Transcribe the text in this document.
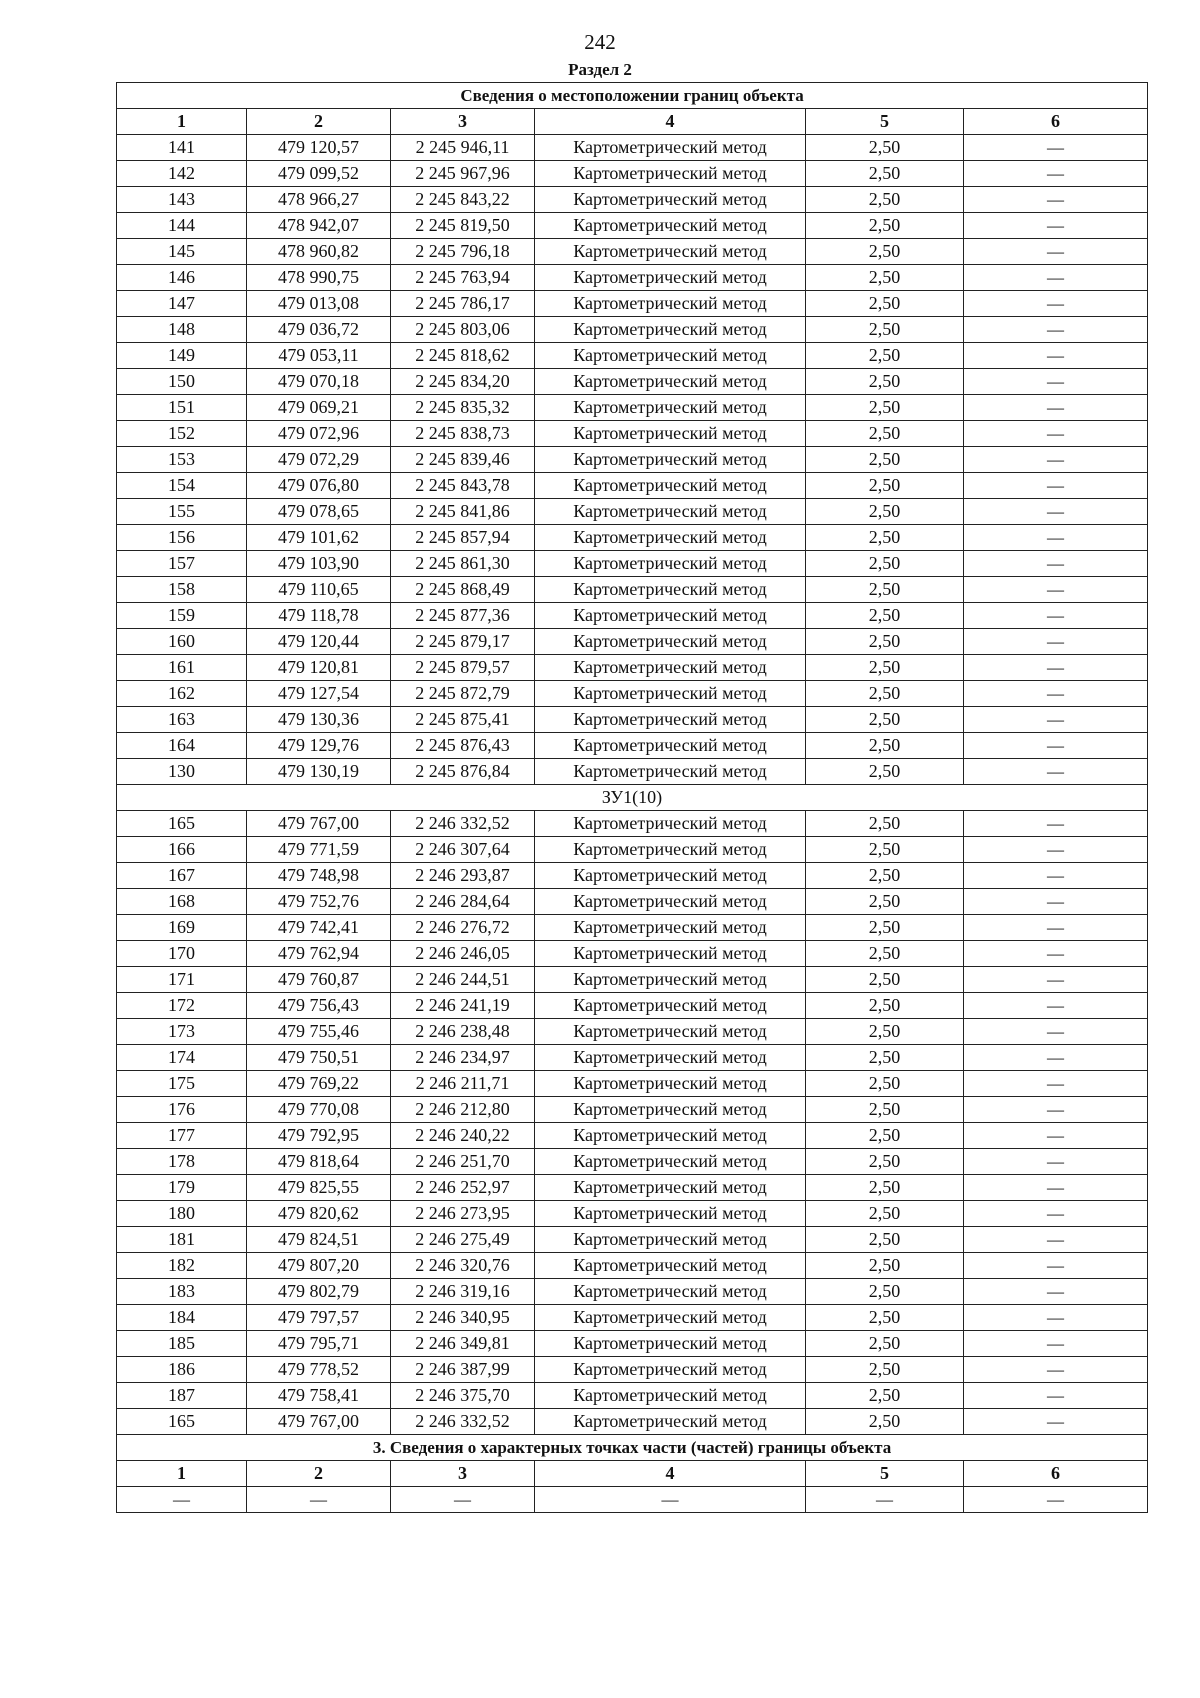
242
Раздел 2
Сведения о местоположении границ объекта					
1	2	3	4	5	6
141	479 120,57	2 245 946,11	Картометрический метод	2,50	—
142	479 099,52	2 245 967,96	Картометрический метод	2,50	—
143	478 966,27	2 245 843,22	Картометрический метод	2,50	—
144	478 942,07	2 245 819,50	Картометрический метод	2,50	—
145	478 960,82	2 245 796,18	Картометрический метод	2,50	—
146	478 990,75	2 245 763,94	Картометрический метод	2,50	—
147	479 013,08	2 245 786,17	Картометрический метод	2,50	—
148	479 036,72	2 245 803,06	Картометрический метод	2,50	—
149	479 053,11	2 245 818,62	Картометрический метод	2,50	—
150	479 070,18	2 245 834,20	Картометрический метод	2,50	—
151	479 069,21	2 245 835,32	Картометрический метод	2,50	—
152	479 072,96	2 245 838,73	Картометрический метод	2,50	—
153	479 072,29	2 245 839,46	Картометрический метод	2,50	—
154	479 076,80	2 245 843,78	Картометрический метод	2,50	—
155	479 078,65	2 245 841,86	Картометрический метод	2,50	—
156	479 101,62	2 245 857,94	Картометрический метод	2,50	—
157	479 103,90	2 245 861,30	Картометрический метод	2,50	—
158	479 110,65	2 245 868,49	Картометрический метод	2,50	—
159	479 118,78	2 245 877,36	Картометрический метод	2,50	—
160	479 120,44	2 245 879,17	Картометрический метод	2,50	—
161	479 120,81	2 245 879,57	Картометрический метод	2,50	—
162	479 127,54	2 245 872,79	Картометрический метод	2,50	—
163	479 130,36	2 245 875,41	Картометрический метод	2,50	—
164	479 129,76	2 245 876,43	Картометрический метод	2,50	—
130	479 130,19	2 245 876,84	Картометрический метод	2,50	—
ЗУ1(10)					
165	479 767,00	2 246 332,52	Картометрический метод	2,50	—
166	479 771,59	2 246 307,64	Картометрический метод	2,50	—
167	479 748,98	2 246 293,87	Картометрический метод	2,50	—
168	479 752,76	2 246 284,64	Картометрический метод	2,50	—
169	479 742,41	2 246 276,72	Картометрический метод	2,50	—
170	479 762,94	2 246 246,05	Картометрический метод	2,50	—
171	479 760,87	2 246 244,51	Картометрический метод	2,50	—
172	479 756,43	2 246 241,19	Картометрический метод	2,50	—
173	479 755,46	2 246 238,48	Картометрический метод	2,50	—
174	479 750,51	2 246 234,97	Картометрический метод	2,50	—
175	479 769,22	2 246 211,71	Картометрический метод	2,50	—
176	479 770,08	2 246 212,80	Картометрический метод	2,50	—
177	479 792,95	2 246 240,22	Картометрический метод	2,50	—
178	479 818,64	2 246 251,70	Картометрический метод	2,50	—
179	479 825,55	2 246 252,97	Картометрический метод	2,50	—
180	479 820,62	2 246 273,95	Картометрический метод	2,50	—
181	479 824,51	2 246 275,49	Картометрический метод	2,50	—
182	479 807,20	2 246 320,76	Картометрический метод	2,50	—
183	479 802,79	2 246 319,16	Картометрический метод	2,50	—
184	479 797,57	2 246 340,95	Картометрический метод	2,50	—
185	479 795,71	2 246 349,81	Картометрический метод	2,50	—
186	479 778,52	2 246 387,99	Картометрический метод	2,50	—
187	479 758,41	2 246 375,70	Картометрический метод	2,50	—
165	479 767,00	2 246 332,52	Картометрический метод	2,50	—
3. Сведения о характерных точках части (частей) границы объекта					
1	2	3	4	5	6
—	—	—	—	—	—
